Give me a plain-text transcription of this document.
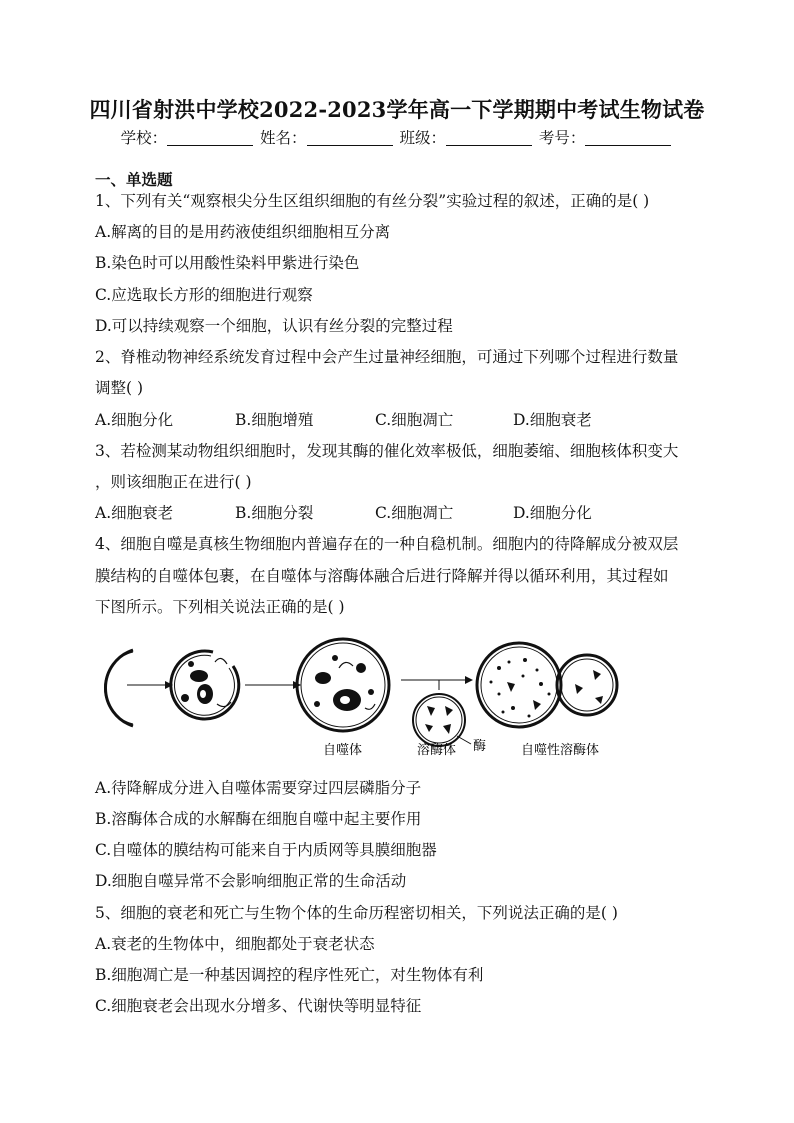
四川省射洪中学校2022-2023学年高一下学期期中考试生物试卷
学校：	姓名：	班级：	考号：
一、单选题
1、下列有关“观察根尖分生区组织细胞的有丝分裂”实验过程的叙述，正确的是( )
A.解离的目的是用药液使组织细胞相互分离
B.染色时可以用酸性染料甲紫进行染色
C.应选取长方形的细胞进行观察
D.可以持续观察一个细胞，认识有丝分裂的完整过程
2、脊椎动物神经系统发育过程中会产生过量神经细胞，可通过下列哪个过程进行数量
调整( )
A.细胞分化	B.细胞增殖	C.细胞凋亡	D.细胞衰老
3、若检测某动物组织细胞时，发现其酶的催化效率极低，细胞萎缩、细胞核体积变大
，则该细胞正在进行( )
A.细胞衰老	B.细胞分裂	C.细胞凋亡	D.细胞分化
4、细胞自噬是真核生物细胞内普遍存在的一种自稳机制。细胞内的待降解成分被双层
膜结构的自噬体包裹，在自噬体与溶酶体融合后进行降解并得以循环利用，其过程如
下图所示。下列相关说法正确的是( )
自噬体	溶酶体 酶	自噬性溶酶体
A.待降解成分进入自噬体需要穿过四层磷脂分子
B.溶酶体合成的水解酶在细胞自噬中起主要作用
C.自噬体的膜结构可能来自于内质网等具膜细胞器
D.细胞自噬异常不会影响细胞正常的生命活动
5、细胞的衰老和死亡与生物个体的生命历程密切相关，下列说法正确的是( )
A.衰老的生物体中，细胞都处于衰老状态
B.细胞凋亡是一种基因调控的程序性死亡，对生物体有利
C.细胞衰老会出现水分增多、代谢快等明显特征
